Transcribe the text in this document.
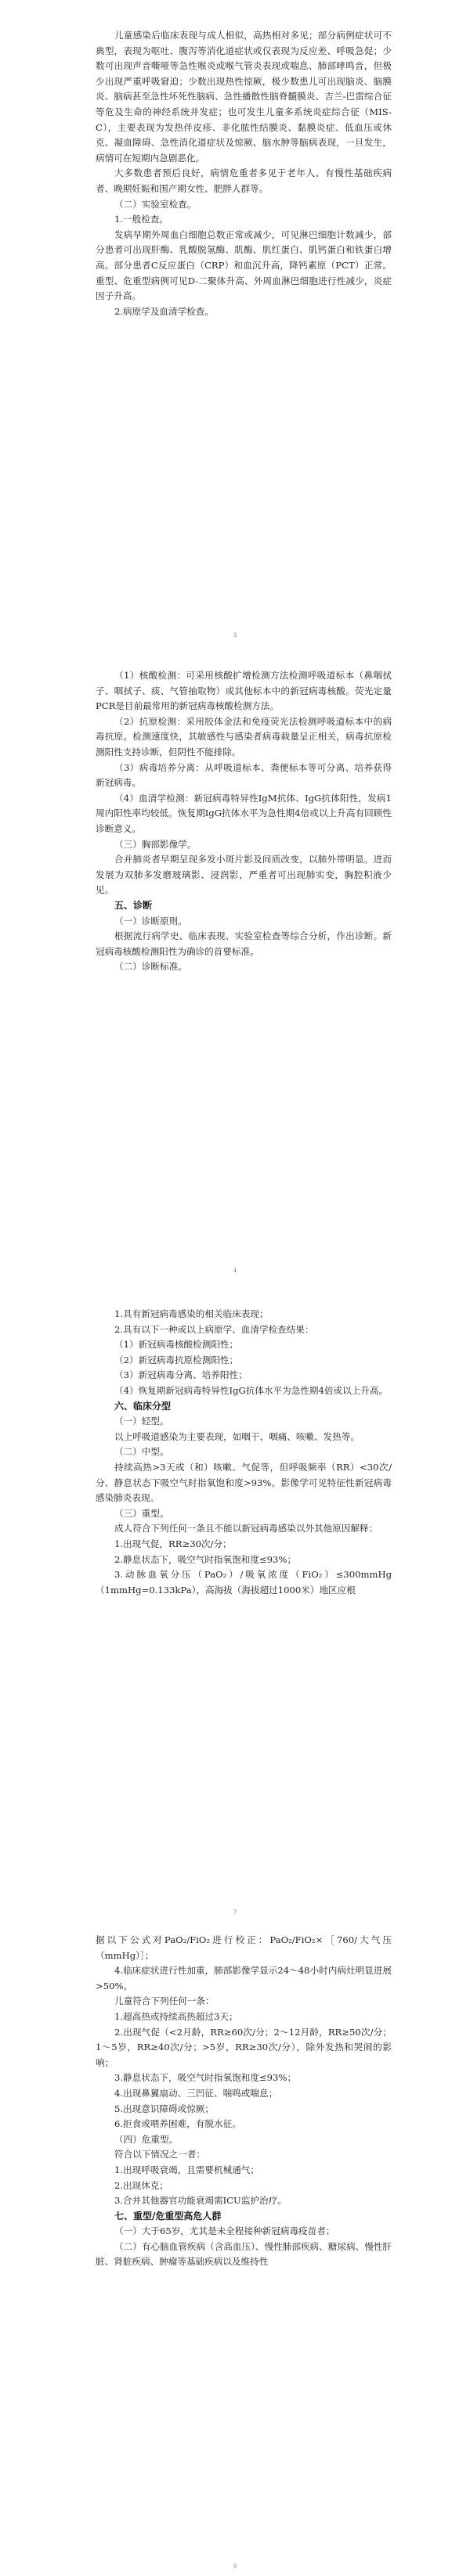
儿童感染后临床表现与成人相似，高热相对多见；部分病例症状可不典型，表现为呕吐、腹泻等消化道症状或仅表现为反应差、呼吸急促；少数可出现声音嘶哑等急性喉炎或喉气管炎表现或喘息、肺部哮鸣音，但极少出现严重呼吸窘迫；少数出现热性惊厥，极少数患儿可出现脑炎、脑膜炎、脑病甚至急性坏死性脑病、急性播散性脑脊髓膜炎、吉兰-巴雷综合征等危及生命的神经系统并发症；也可发生儿童多系统炎症综合征（MIS-C），主要表现为发热伴皮疹、非化脓性结膜炎、黏膜炎症、低血压或休克、凝血障碍、急性消化道症状及惊厥、脑水肿等脑病表现，一旦发生，病情可在短期内急剧恶化。

大多数患者预后良好，病情危重者多见于老年人、有慢性基础疾病者、晚期妊娠和围产期女性、肥胖人群等。

（二）实验室检查。

1.一般检查。

发病早期外周血白细胞总数正常或减少，可见淋巴细胞计数减少，部分患者可出现肝酶、乳酸脱氢酶、肌酶、肌红蛋白、肌钙蛋白和铁蛋白增高。部分患者C反应蛋白（CRP）和血沉升高，降钙素原（PCT）正常。重型、危重型病例可见D-二聚体升高、外周血淋巴细胞进行性减少，炎症因子升高。

2.病原学及血清学检查。

3

（1）核酸检测：可采用核酸扩增检测方法检测呼吸道标本（鼻咽拭子、咽拭子、痰、气管抽取物）或其他标本中的新冠病毒核酸。荧光定量PCR是目前最常用的新冠病毒核酸检测方法。

（2）抗原检测：采用胶体金法和免疫荧光法检测呼吸道标本中的病毒抗原。检测速度快，其敏感性与感染者病毒载量呈正相关，病毒抗原检测阳性支持诊断，但阴性不能排除。

（3）病毒培养分离：从呼吸道标本、粪便标本等可分离、培养获得新冠病毒。

（4）血清学检测：新冠病毒特异性IgM抗体、IgG抗体阳性，发病1周内阳性率均较低。恢复期IgG抗体水平为急性期4倍或以上升高有回顾性诊断意义。

（三）胸部影像学。

合并肺炎者早期呈现多发小斑片影及间质改变，以肺外带明显。进而发展为双肺多发磨玻璃影、浸润影，严重者可出现肺实变，胸腔积液少见。

五、诊断

（一）诊断原则。

根据流行病学史、临床表现、实验室检查等综合分析，作出诊断。新冠病毒核酸检测阳性为确诊的首要标准。

（二）诊断标准。

4

1.具有新冠病毒感染的相关临床表现；

2.具有以下一种或以上病原学、血清学检查结果：

（1）新冠病毒核酸检测阳性；

（2）新冠病毒抗原检测阳性；

（3）新冠病毒分离、培养阳性；

（4）恢复期新冠病毒特异性IgG抗体水平为急性期4倍或以上升高。

六、临床分型

（一）轻型。

以上呼吸道感染为主要表现，如咽干、咽痛、咳嗽、发热等。

（二）中型。

持续高热>3天或（和）咳嗽、气促等，但呼吸频率（RR）<30次/分、静息状态下吸空气时指氧饱和度>93%。影像学可见特征性新冠病毒感染肺炎表现。

（三）重型。

成人符合下列任何一条且不能以新冠病毒感染以外其他原因解释：

1.出现气促，RR≥30次/分；

2.静息状态下，吸空气时指氧饱和度≤93%；

3.动脉血氧分压（PaO₂）/吸氧浓度（FiO₂）≤300mmHg（1mmHg=0.133kPa），高海拔（海拔超过1000米）地区应根

7

据以下公式对PaO₂/FiO₂进行校正：PaO₂/FiO₂×［760/大气压（mmHg）］；

4.临床症状进行性加重，肺部影像学显示24～48小时内病灶明显进展>50%。

儿童符合下列任何一条：

1.超高热或持续高热超过3天；

2.出现气促（<2月龄，RR≥60次/分；2～12月龄，RR≥50次/分；1～5岁，RR≥40次/分；>5岁，RR≥30次/分），除外发热和哭闹的影响；

3.静息状态下，吸空气时指氧饱和度≤93%；

4.出现鼻翼扇动、三凹征、喘鸣或喘息；

5.出现意识障碍或惊厥；

6.拒食或喂养困难，有脱水征。

（四）危重型。

符合以下情况之一者：

1.出现呼吸衰竭，且需要机械通气；

2.出现休克；

3.合并其他器官功能衰竭需ICU监护治疗。

七、重型/危重型高危人群

（一）大于65岁，尤其是未全程接种新冠病毒疫苗者；

（二）有心脑血管疾病（含高血压）、慢性肺部疾病、糖尿病、慢性肝脏、肾脏疾病、肿瘤等基础疾病以及维持性

9
